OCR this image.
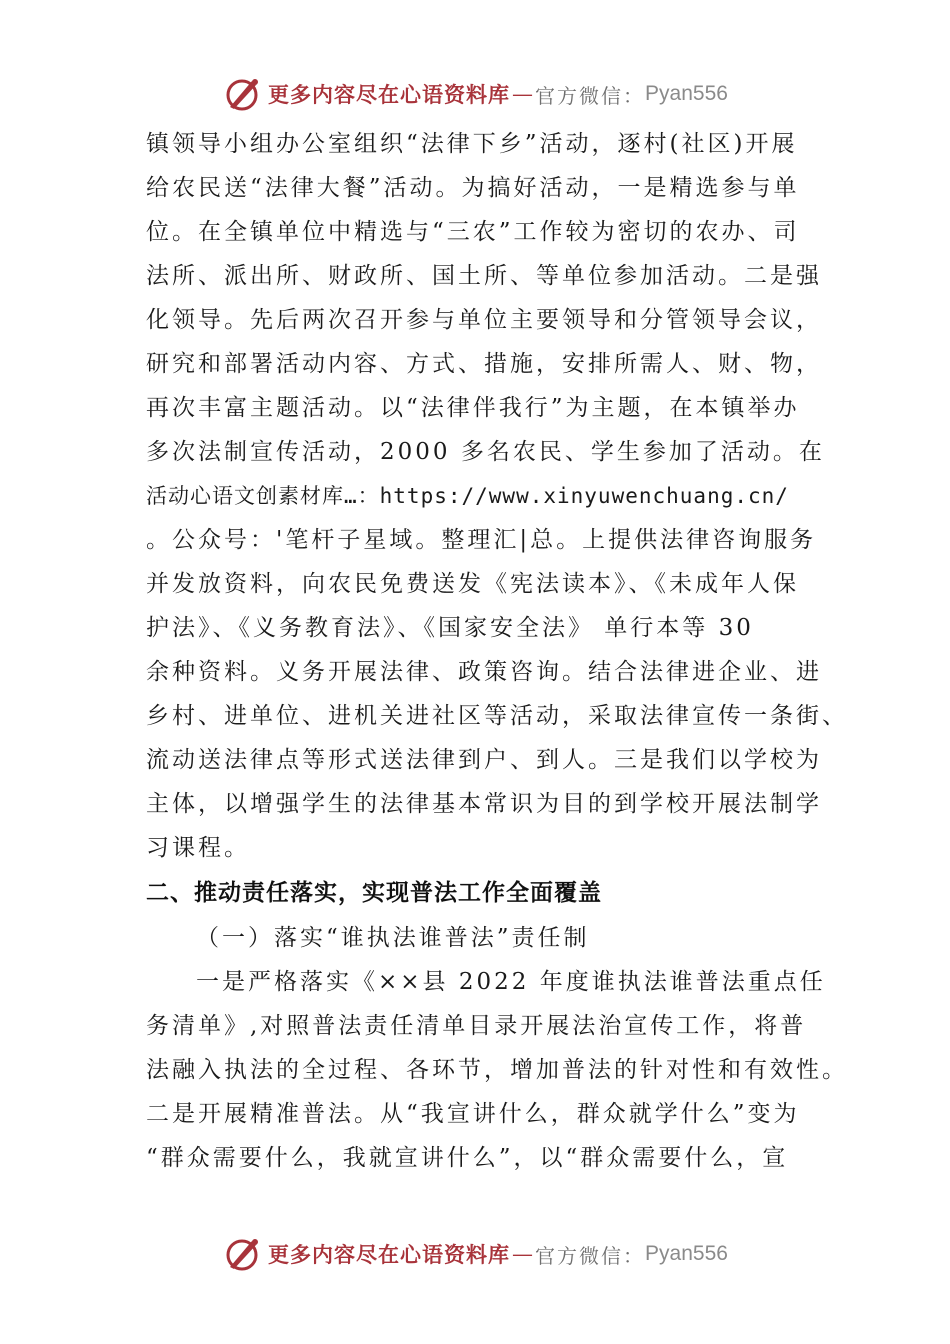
更多内容尽在心语资料库 — 官方微信： Pyan556
镇领导小组办公室组织“法律下乡”活动，逐村(社区)开展
给农民送“法律大餐”活动。为搞好活动，一是精选参与单
位。在全镇单位中精选与“三农”工作较为密切的农办、司
法所、派出所、财政所、国土所、等单位参加活动。二是强
化领导。先后两次召开参与单位主要领导和分管领导会议，
研究和部署活动内容、方式、措施，安排所需人、财、物，
再次丰富主题活动。以“法律伴我行”为主题，在本镇举办
多次法制宣传活动，2000 多名农民、学生参加了活动。在
活动心语文创素材库…：https://www.xinyuwenchuang.cn/
。公众号：'笔杆子星域。整理汇|总。上提供法律咨询服务
并发放资料，向农民免费送发《宪法读本》、《未成年人保
护法》、《义务教育法》、《国家安全法》 单行本等 30
余种资料。义务开展法律、政策咨询。结合法律进企业、进
乡村、进单位、进机关进社区等活动，采取法律宣传一条街、
流动送法律点等形式送法律到户、到人。三是我们以学校为
主体，以增强学生的法律基本常识为目的到学校开展法制学
习课程。
二、推动责任落实，实现普法工作全面覆盖
（一）落实“谁执法谁普法”责任制
一是严格落实《××县 2022 年度谁执法谁普法重点任
务清单》,对照普法责任清单目录开展法治宣传工作，将普
法融入执法的全过程、各环节，增加普法的针对性和有效性。
二是开展精准普法。从“我宣讲什么，群众就学什么”变为
“群众需要什么，我就宣讲什么”，以“群众需要什么，宣
更多内容尽在心语资料库 — 官方微信： Pyan556
